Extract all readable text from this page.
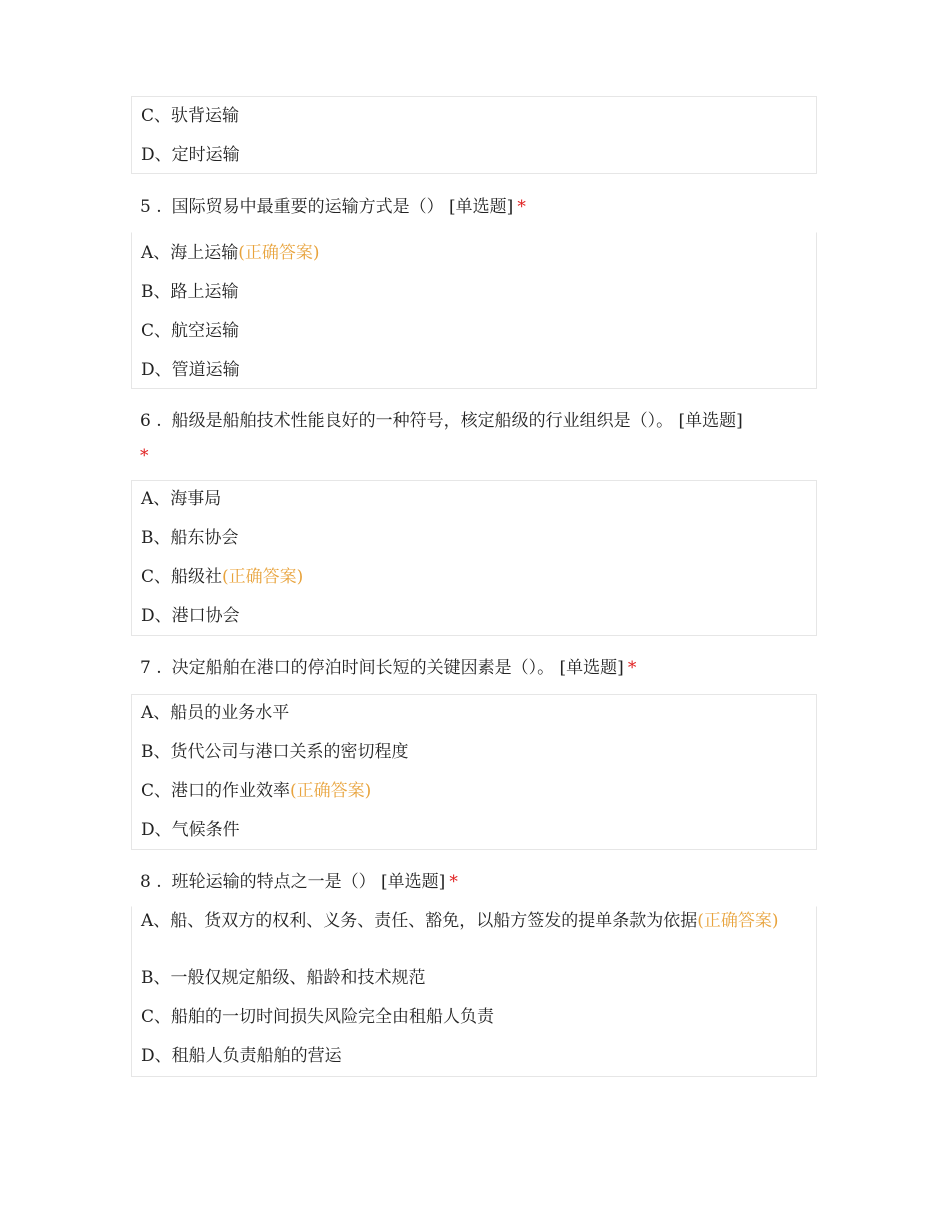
C、驮背运输
D、定时运输
5 . 国际贸易中最重要的运输方式是（） [单选题] *
A、海上运输(正确答案)
B、路上运输
C、航空运输
D、管道运输
6 . 船级是船舶技术性能良好的一种符号，核定船级的行业组织是（）。 [单选题]
*
A、海事局
B、船东协会
C、船级社(正确答案)
D、港口协会
7 . 决定船舶在港口的停泊时间长短的关键因素是（）。 [单选题] *
A、船员的业务水平
B、货代公司与港口关系的密切程度
C、港口的作业效率(正确答案)
D、气候条件
8 . 班轮运输的特点之一是（） [单选题] *
A、船、货双方的权利、义务、责任、豁免，以船方签发的提单条款为依据(正确答案)
B、一般仅规定船级、船龄和技术规范
C、船舶的一切时间损失风险完全由租船人负责
D、租船人负责船舶的营运
